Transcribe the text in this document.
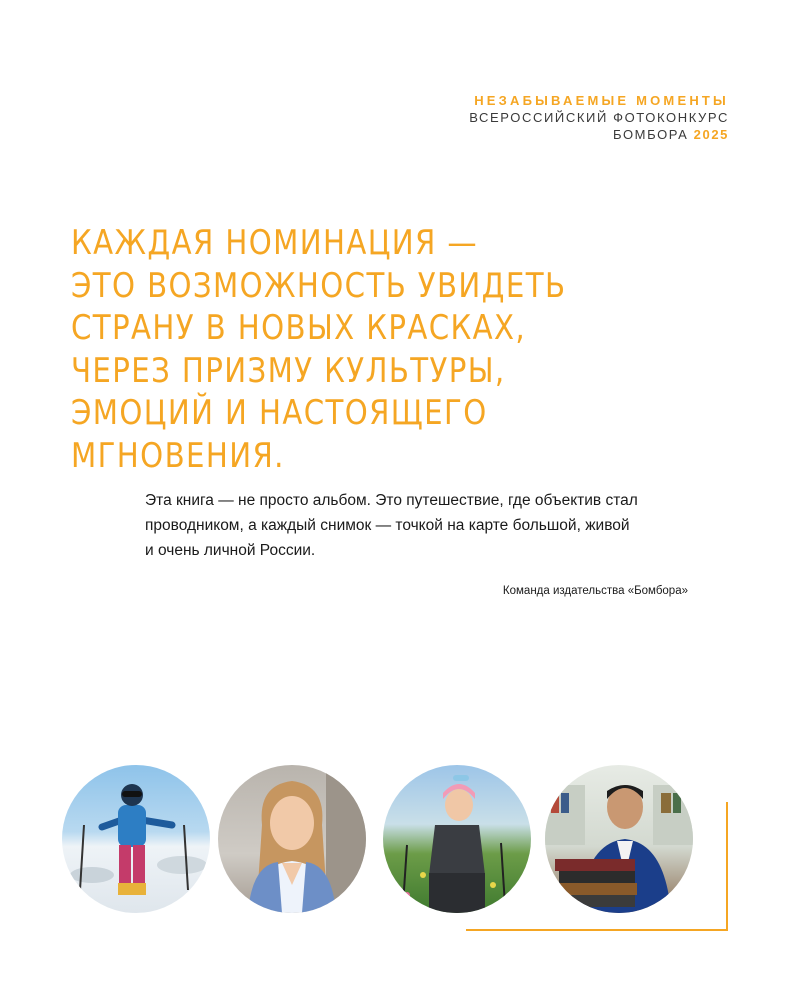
НЕЗАБЫВАЕМЫЕ МОМЕНТЫ
ВСЕРОССИЙСКИЙ ФОТОКОНКУРС
БОМБОРА 2025
КАЖДАЯ НОМИНАЦИЯ —
ЭТО ВОЗМОЖНОСТЬ УВИДЕТЬ
СТРАНУ В НОВЫХ КРАСКАХ,
ЧЕРЕЗ ПРИЗМУ КУЛЬТУРЫ,
ЭМОЦИЙ И НАСТОЯЩЕГО
МГНОВЕНИЯ.

Эта книга — не просто альбом. Это путешествие, где объектив стал
проводником, а каждый снимок — точкой на карте большой, живой
и очень личной России.

Команда издательства «Бомбора»
